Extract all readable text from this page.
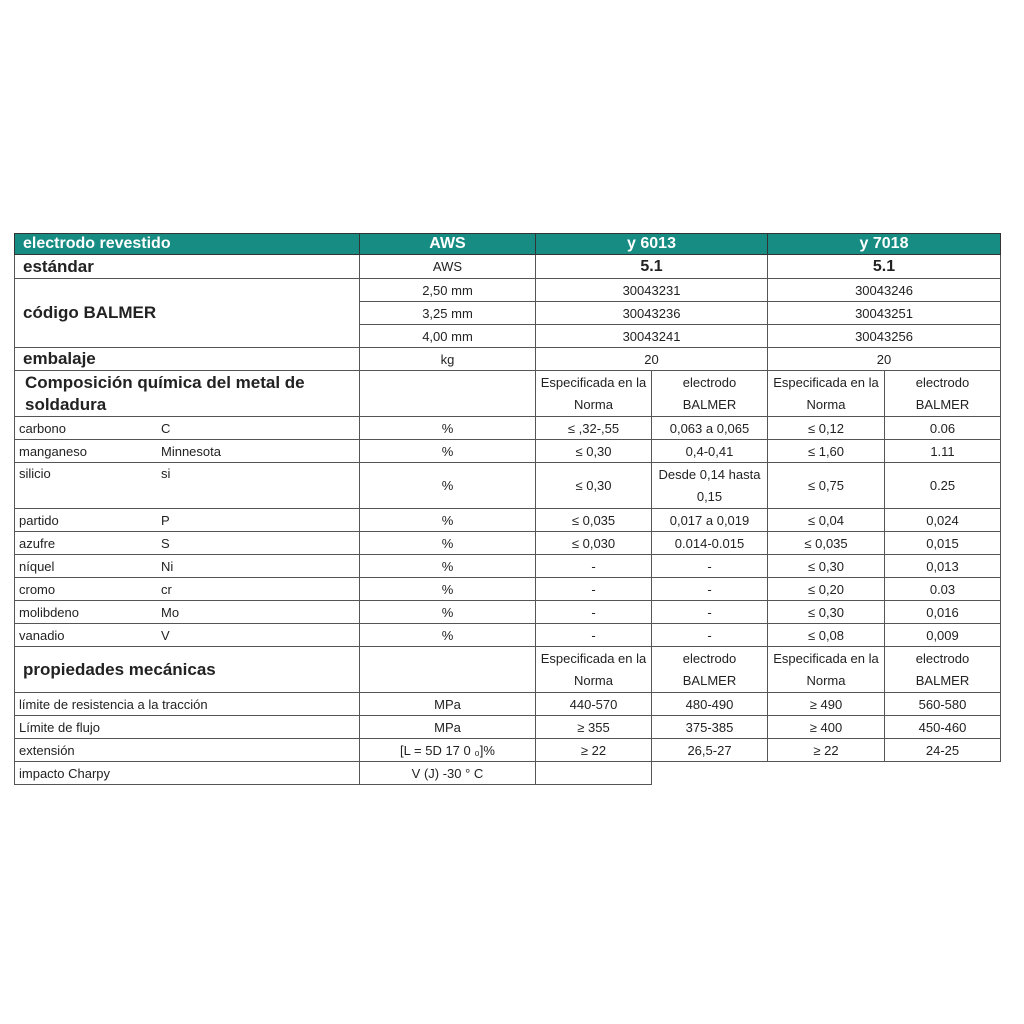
electrodo revestido	AWS	y 6013		y 7018	
estándar	AWS	5.1		5.1	
código BALMER	2,50 mm	30043231		30043246	
	3,25 mm	30043236		30043251	
	4,00 mm	30043241		30043256	
embalaje	kg	20		20	
Composición química del metal de soldadura		Especificada en la Norma	electrodo BALMER	Especificada en la Norma	electrodo BALMER
carbono C	%	≤ ,32-,55	0,063 a 0,065	≤ 0,12	0.06
manganeso Minnesota	%	≤ 0,30	0,4-0,41	≤ 1,60	1.11
silicio si	%	≤ 0,30	Desde 0,14 hasta 0,15	≤ 0,75	0.25
partido P	%	≤ 0,035	0,017 a 0,019	≤ 0,04	0,024
azufre S	%	≤ 0,030	0.014-0.015	≤ 0,035	0,015
níquel Ni	%	-	-	≤ 0,30	0,013
cromo cr	%	-	-	≤ 0,20	0.03
molibdeno Mo	%	-	-	≤ 0,30	0,016
vanadio V	%	-	-	≤ 0,08	0,009
propiedades mecánicas		Especificada en la Norma	electrodo BALMER	Especificada en la Norma	electrodo BALMER
límite de resistencia a la tracción	MPa	440-570	480-490	≥ 490	560-580
Límite de flujo	MPa	≥ 355	375-385	≥ 400	450-460
extensión	[L = 5D 17 0 ₀]%	≥ 22	26,5-27	≥ 22	24-25
impacto Charpy	V (J) -30 ° C				
